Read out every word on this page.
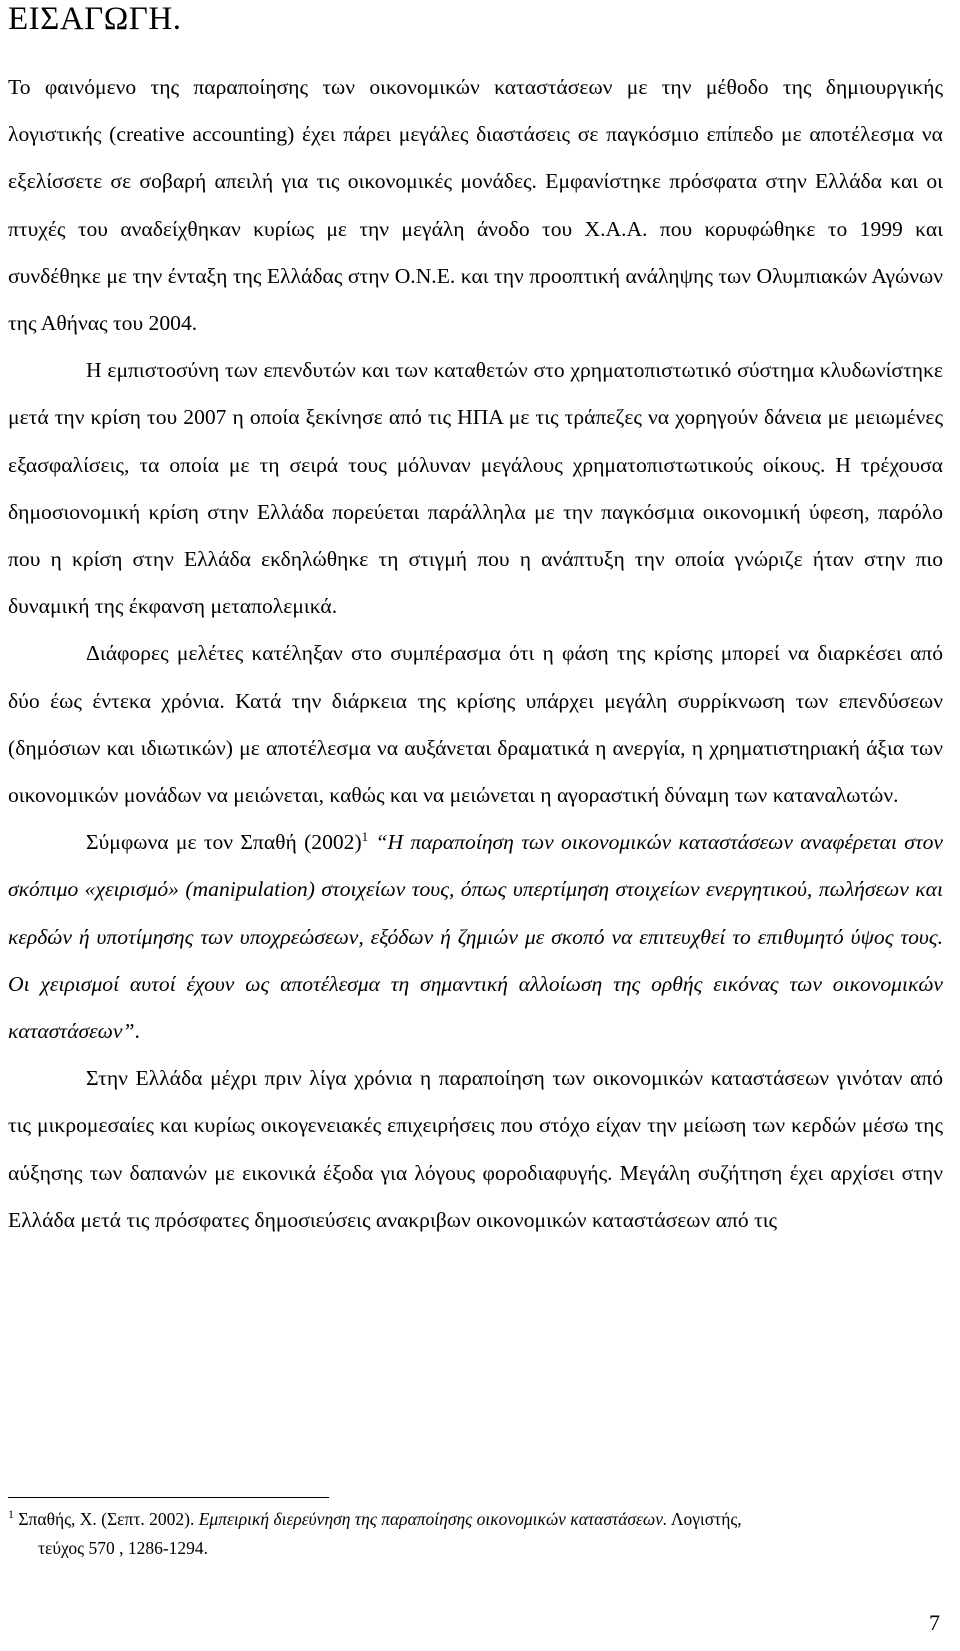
ΕΙΣΑΓΩΓΗ.

Το φαινόμενο της παραποίησης των οικονομικών καταστάσεων με την μέθοδο της δημιουργικής λογιστικής (creative accounting) έχει πάρει μεγάλες διαστάσεις σε παγκόσμιο επίπεδο με αποτέλεσμα να εξελίσσετε σε σοβαρή απειλή για τις οικονομικές μονάδες. Εμφανίστηκε πρόσφατα στην Ελλάδα και οι πτυχές του αναδείχθηκαν κυρίως με την μεγάλη άνοδο του Χ.Α.Α. που κορυφώθηκε το 1999 και συνδέθηκε με την ένταξη της Ελλάδας στην Ο.Ν.Ε. και την προοπτική ανάληψης των Ολυμπιακών Αγώνων της Αθήνας του 2004.

Η εμπιστοσύνη των επενδυτών και των καταθετών στο χρηματοπιστωτικό σύστημα κλυδωνίστηκε μετά την κρίση του 2007 η οποία ξεκίνησε από τις ΗΠΑ με τις τράπεζες να χορηγούν δάνεια με μειωμένες εξασφαλίσεις, τα οποία με τη σειρά τους μόλυναν μεγάλους χρηματοπιστωτικούς οίκους. Η τρέχουσα δημοσιονομική κρίση στην Ελλάδα πορεύεται παράλληλα με την παγκόσμια οικονομική ύφεση, παρόλο που η κρίση στην Ελλάδα εκδηλώθηκε τη στιγμή που η ανάπτυξη την οποία γνώριζε ήταν στην πιο δυναμική της έκφανση μεταπολεμικά.

Διάφορες μελέτες κατέληξαν στο συμπέρασμα ότι η φάση της κρίσης μπορεί να διαρκέσει από δύο έως έντεκα χρόνια. Κατά την διάρκεια της κρίσης υπάρχει μεγάλη συρρίκνωση των επενδύσεων (δημόσιων και ιδιωτικών) με αποτέλεσμα να αυξάνεται δραματικά η ανεργία, η χρηματιστηριακή άξια των οικονομικών μονάδων να μειώνεται, καθώς και να μειώνεται η αγοραστική δύναμη των καταναλωτών.

Σύμφωνα με τον Σπαθή $(2002)^1$ “Η παραποίηση των οικονομικών καταστάσεων αναφέρεται στον σκόπιμο «χειρισμό» (manipulation) στοιχείων τους, όπως υπερτίμηση στοιχείων ενεργητικού, πωλήσεων και κερδών ή υποτίμησης των υποχρεώσεων, εξόδων ή ζημιών με σκοπό να επιτευχθεί το επιθυμητό ύψος τους. Οι χειρισμοί αυτοί έχουν ως αποτέλεσμα τη σημαντική αλλοίωση της ορθής εικόνας των οικονομικών καταστάσεων”.

Στην Ελλάδα μέχρι πριν λίγα χρόνια η παραποίηση των οικονομικών καταστάσεων γινόταν από τις μικρομεσαίες και κυρίως οικογενειακές επιχειρήσεις που στόχο είχαν την μείωση των κερδών μέσω της αύξησης των δαπανών με εικονικά έξοδα για λόγους φοροδιαφυγής. Μεγάλη συζήτηση έχει αρχίσει στην Ελλάδα μετά τις πρόσφατες δημοσιεύσεις ανακριβων οικονομικών καταστάσεων από τις

$^1$ Σπαθής, Χ. (Σεπτ. 2002). Εμπειρική διερεύνηση της παραποίησης οικονομικών καταστάσεων. Λογιστής,
τεύχος 570 , 1286-1294.
7
